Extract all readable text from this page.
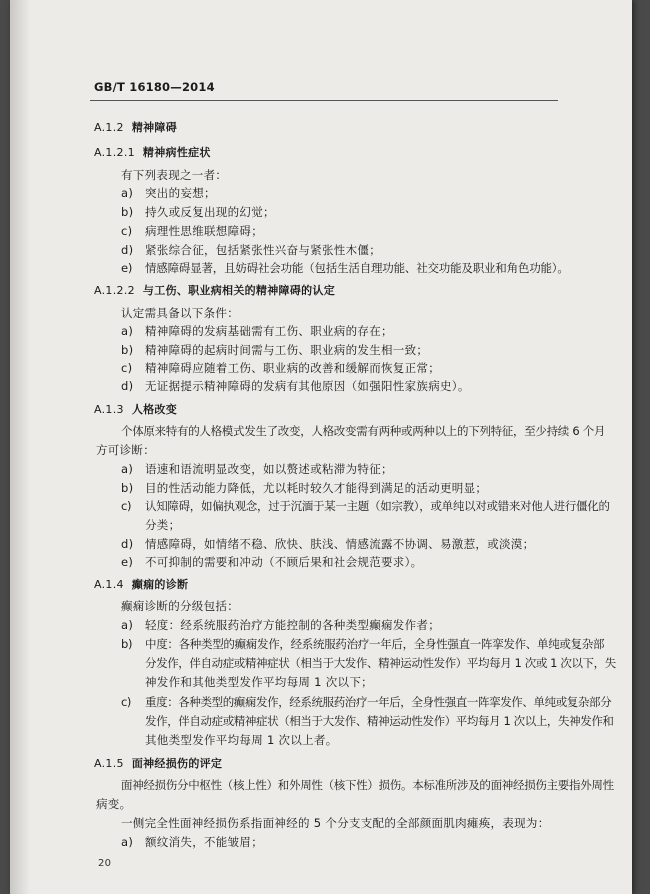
GB/T 16180—2014
A.1.2 精神障碍
A.1.2.1 精神病性症状
有下列表现之一者：
a) 突出的妄想；
b) 持久或反复出现的幻觉；
c) 病理性思维联想障碍；
d) 紧张综合征，包括紧张性兴奋与紧张性木僵；
e) 情感障碍显著，且妨碍社会功能（包括生活自理功能、社交功能及职业和角色功能）。
A.1.2.2 与工伤、职业病相关的精神障碍的认定
认定需具备以下条件：
a) 精神障碍的发病基础需有工伤、职业病的存在；
b) 精神障碍的起病时间需与工伤、职业病的发生相一致；
c) 精神障碍应随着工伤、职业病的改善和缓解而恢复正常；
d) 无证据提示精神障碍的发病有其他原因（如强阳性家族病史）。
A.1.3 人格改变
个体原来特有的人格模式发生了改变，人格改变需有两种或两种以上的下列特征，至少持续 6 个月
方可诊断：
a) 语速和语流明显改变，如以赘述或粘滞为特征；
b) 目的性活动能力降低，尤以耗时较久才能得到满足的活动更明显；
c) 认知障碍，如偏执观念，过于沉湎于某一主题（如宗教），或单纯以对或错来对他人进行僵化的
分类；
d) 情感障碍，如情绪不稳、欣快、肤浅、情感流露不协调、易激惹，或淡漠；
e) 不可抑制的需要和冲动（不顾后果和社会规范要求）。
A.1.4 癫痫的诊断
癫痫诊断的分级包括：
a) 轻度：经系统服药治疗方能控制的各种类型癫痫发作者；
b) 中度：各种类型的癫痫发作，经系统服药治疗一年后，全身性强直一阵挛发作、单纯或复杂部
分发作，伴自动症或精神症状（相当于大发作、精神运动性发作）平均每月 1 次或 1 次以下，失
神发作和其他类型发作平均每周 1 次以下；
c) 重度：各种类型的癫痫发作，经系统服药治疗一年后，全身性强直一阵挛发作、单纯或复杂部分
发作，伴自动症或精神症状（相当于大发作、精神运动性发作）平均每月 1 次以上，失神发作和
其他类型发作平均每周 1 次以上者。
A.1.5 面神经损伤的评定
面神经损伤分中枢性（核上性）和外周性（核下性）损伤。本标准所涉及的面神经损伤主要指外周性
病变。
一侧完全性面神经损伤系指面神经的 5 个分支支配的全部颜面肌肉瘫痪，表现为：
a) 额纹消失，不能皱眉；
20
